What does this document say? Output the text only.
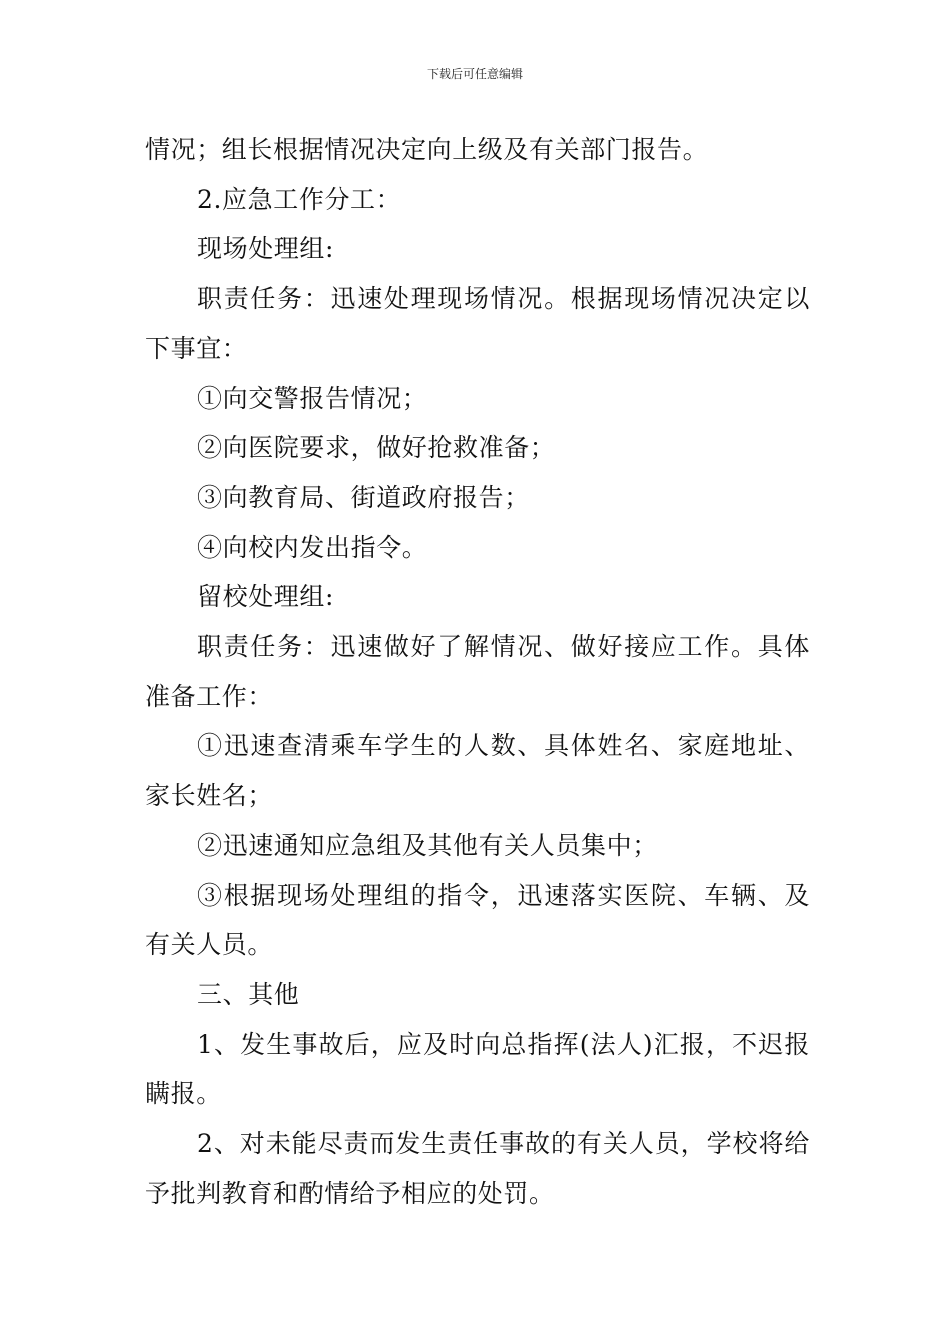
下载后可任意编辑

情况；组长根据情况决定向上级及有关部门报告。

2.应急工作分工：

现场处理组:

职责任务：迅速处理现场情况。根据现场情况决定以下事宜：

①向交警报告情况；

②向医院要求，做好抢救准备；

③向教育局、街道政府报告；

④向校内发出指令。

留校处理组:

职责任务：迅速做好了解情况、做好接应工作。具体准备工作：

①迅速查清乘车学生的人数、具体姓名、家庭地址、家长姓名；

②迅速通知应急组及其他有关人员集中；

③根据现场处理组的指令，迅速落实医院、车辆、及有关人员。

三、其他

1、发生事故后，应及时向总指挥(法人)汇报，不迟报瞒报。

2、对未能尽责而发生责任事故的有关人员，学校将给予批判教育和酌情给予相应的处罚。
